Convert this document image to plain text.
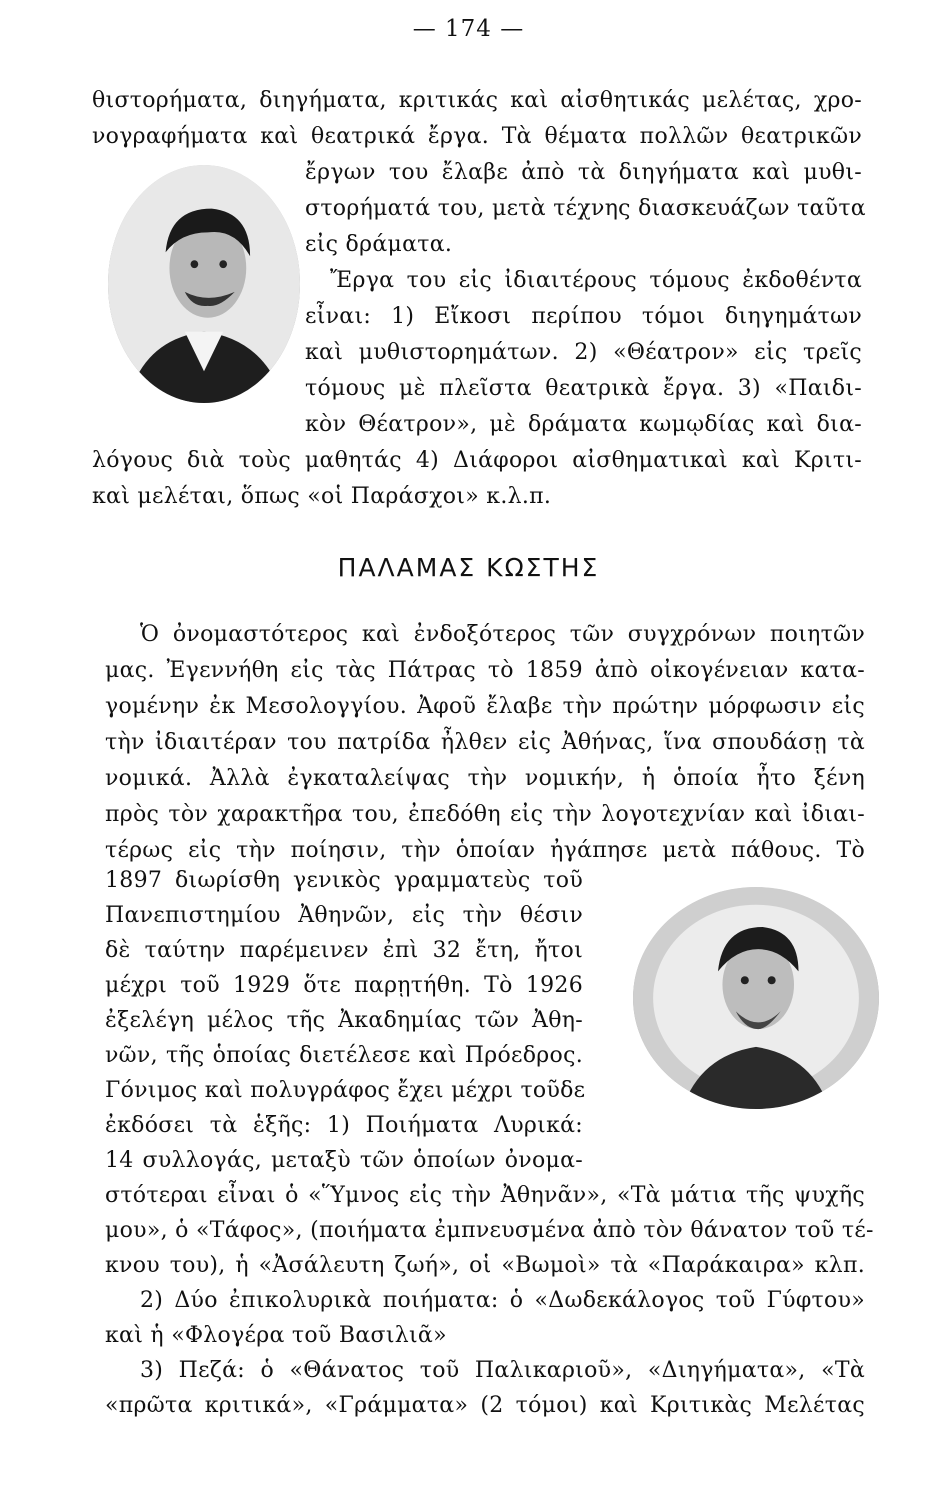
— 174 —
θιστορήματα, διηγήματα, κριτικάς καὶ αἰσθητικάς μελέτας, χρο-
νογραφήματα καὶ θεατρικά ἔργα. Τὰ θέματα πολλῶν θεατρικῶν
ἔργων του ἔλαβε ἀπὸ τὰ διηγήματα καὶ μυθι-
στορήματά του, μετὰ τέχνης διασκευάζων ταῦτα
εἰς δράματα.
Ἔργα του εἰς ἰδιαιτέρους τόμους ἐκδοθέντα
εἶναι: 1) Εἴκοσι περίπου τόμοι διηγημάτων
καὶ μυθιστορημάτων. 2) «Θέατρον» εἰς τρεῖς
τόμους μὲ πλεῖστα θεατρικὰ ἔργα. 3) «Παιδι-
κὸν Θέατρον», μὲ δράματα κωμῳδίας καὶ δια-
λόγους διὰ τοὺς μαθητάς 4) Διάφοροι αἰσθηματικαὶ καὶ Κριτι-
καὶ μελέται, ὅπως «οἱ Παράσχοι» κ.λ.π.
ΠΑΛΑΜΑΣ ΚΩΣΤΗΣ
Ὁ ὀνομαστότερος καὶ ἐνδοξότερος τῶν συγχρόνων ποιητῶν
μας. Ἐγεννήθη εἰς τὰς Πάτρας τὸ 1859 ἀπὸ οἰκογένειαν κατα-
γομένην ἐκ Μεσολογγίου. Ἀφοῦ ἔλαβε τὴν πρώτην μόρφωσιν εἰς
τὴν ἰδιαιτέραν του πατρίδα ἦλθεν εἰς Ἀθήνας, ἵνα σπουδάσῃ τὰ
νομικά. Ἀλλὰ ἐγκαταλείψας τὴν νομικήν, ἡ ὁποία ἦτο ξένη
πρὸς τὸν χαρακτῆρα του, ἐπεδόθη εἰς τὴν λογοτεχνίαν καὶ ἰδιαι-
τέρως εἰς τὴν ποίησιν, τὴν ὁποίαν ἠγάπησε μετὰ πάθους. Τὸ
1897 διωρίσθη γενικὸς γραμματεὺς τοῦ
Πανεπιστημίου Ἀθηνῶν, εἰς τὴν θέσιν
δὲ ταύτην παρέμεινεν ἐπὶ 32 ἔτη, ἤτοι
μέχρι τοῦ 1929 ὅτε παρῃτήθη. Τὸ 1926
ἐξελέγη μέλος τῆς Ἀκαδημίας τῶν Ἀθη-
νῶν, τῆς ὁποίας διετέλεσε καὶ Πρόεδρος.
Γόνιμος καὶ πολυγράφος ἔχει μέχρι τοῦδε
ἐκδόσει τὰ ἑξῆς: 1) Ποιήματα Λυρικά:
14 συλλογάς, μεταξὺ τῶν ὁποίων ὀνομα-
στότεραι εἶναι ὁ «Ὕμνος εἰς τὴν Ἀθηνᾶν», «Τὰ μάτια τῆς ψυχῆς
μου», ὁ «Τάφος», (ποιήματα ἐμπνευσμένα ἀπὸ τὸν θάνατον τοῦ τέ-
κνου του), ἡ «Ἀσάλευτη ζωή», οἱ «Βωμοὶ» τὰ «Παράκαιρα» κλπ.
2) Δύο ἐπικολυρικὰ ποιήματα: ὁ «Δωδεκάλογος τοῦ Γύφτου»
καὶ ἡ «Φλογέρα τοῦ Βασιλιᾶ»
3) Πεζά: ὁ «Θάνατος τοῦ Παλικαριοῦ», «Διηγήματα», «Τὰ
«πρῶτα κριτικά», «Γράμματα» (2 τόμοι) καὶ Κριτικὰς Μελέτας
